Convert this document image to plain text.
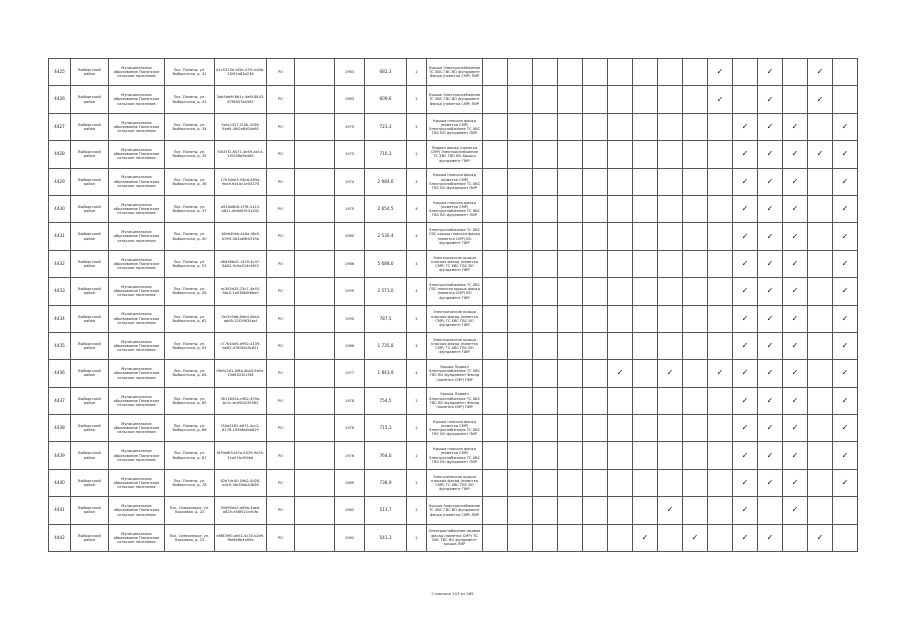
4425	Выборгский район	Муниципальное образование Полянское сельское поселение	Пос. Поляны, ул. Выборгская, д. 32	b1c5373e-4f2b-47f1-b04b-2f281a83d236	РО		1963	682,3	2	Крыша Электроснабжение ТС ХВС ГВС ВО фундамент Фасад (пометка СМР) ПИР										✓		✓		✓	
4426	Выборгский район	Муниципальное образование Полянское сельское поселение	Пос. Поляны, ул. Выборгская, д. 33	3ab5ab9f-6b1c-4a6f-8843-87f8657a4462	РО		1963	609,6	2	Крыша Электроснабжение ТС ХВС ГВС ВО фундамент Фасад (пометка СМР) ПИР										✓		✓		✓	
4427	Выборгский район	Муниципальное образование Полянское сельское поселение	Пос. Поляны, ул. Выборгская, д. 34	7abc1327-f20b-4196-9bd9-4fd2e8d04e60	РО		1975	723,3	2	Крыша плоская фасад (пометка СМР) Электроснабжение ТС ХВС ГВС ВО фундамент ПИР											✓	✓	✓		✓
4428	Выборгский район	Муниципальное образование Полянское сельское поселение	Пос. Поляны, ул. Выборгская, д. 35	f3d37f2-8471-4e49-ae14-1f5296d9b4d5	РО		1975	710,3	2	Подвал фасад (пометка СМР) Электроснабжение ТС ХВС ГВС ВО Крыша фундамент ПИР											✓	✓	✓	✓	✓
4429	Выборгский район	Муниципальное образование Полянское сельское поселение	Пос. Поляны, ул. Выборгская, д. 36	17b3d0e3-54bd-465a-9ba9-6e1bc1e03270	РО		1974	2 984,6	4	Крыша плоская фасад (пометка СМР) Электроснабжение ТС ХВС ГВС ВО фундамент ПИР											✓	✓	✓		✓
4430	Выборгский район	Муниципальное образование Полянское сельское поселение	Пос. Поляны, ул. Выборгская, д. 37	a920a6b6-1f76-4123-a821-ab6d09131d32	РО		1975	2 654,5	4	Крыша плоская фасад (пометка СМР) Электроснабжение ТС ХВС ГВС ВО фундамент ПИР											✓	✓	✓		✓
4431	Выборгский район	Муниципальное образование Полянское сельское поселение	Пос. Поляны, ул. Выборгская, д. 40	16eb40eb-a16a-4fb5-b399-0b2be6f4319a	РО		1980	2 530,4	4	Электроснабжение ТС ХВС ГВС крыша плоская фасад (пометка СМР) ВО фундамент ПИР											✓	✓	✓		✓
4432	Выборгский район	Муниципальное образование Полянское сельское поселение	Пос. Поляны, ул. Выборгская, д. 53	a6d38bd2-1429-4c37-8b02-5c5e424e5f03	РО		1986	5 688,0	4	Электрические крыша плоская фасад (пометка СМР) ТС ХВС ГВС ВО фундамент ПИР											✓	✓	✓		✓
4433	Выборгский район	Муниципальное образование Полянское сельское поселение	Пос. Поляны, ул. Выборгская, д. 58	ac305d25-23c7-4a93-9bc5-1e536b0f6ba9	РО		1959	2 571,0	4	Электроснабжение ТС ХВС ГВС плоская крыша фасад (пометка СМР) ВО фундамент ПИР											✓	✓	✓		✓
4434	Выборгский район	Муниципальное образование Полянское сельское поселение	Пос. Поляны, ул. Выборгская, д. 62	7ac5c9a8-8dbd-46a4-add5-52f2f6f34acf	РО		1990	787,5	2	Электрические крыша плоская фасад (пометка СМР) ТС ХВС ГВС ВО фундамент ПИР											✓	✓	✓		✓
4435	Выборгский район	Муниципальное образование Полянское сельское поселение	Пос. Поляны, ул. Выборгская, д. 63	c77b34e5-d992-4139-be62-d76f40a9cd21	РО		1986	1 735,8	4	Электрические крыша плоская фасад (пометка СМР) ТС ХВС ГВС ВО фундамент ПИР											✓	✓	✓		✓
4436	Выборгский район	Муниципальное образование Полянское сельское поселение	Пос. Поляны, ул. Выборгская, д. 84	f9b9c2d1-0f6a-4ba4-9e5e-25d6523c2f36	РО		1977	1 843,9	4	Крыша Подвал Электроснабжение ТС ХВС ГВС ВО фундамент Фасад (пометка СМР) ПИР						✓		✓		✓	✓	✓	✓		✓
4437	Выборгский район	Муниципальное образование Полянское сельское поселение	Пос. Поляны, ул. Выборгская, д. 85	3b11845e-c982-499a-bc1c-acd5fa235982	РО		1978	754,5	2	Крыша Подвал Электроснабжение ТС ХВС ГВС ВО фундамент Фасад (пометка СМР) ПИР											✓	✓	✓		✓
4438	Выборгский район	Муниципальное образование Полянское сельское поселение	Пос. Поляны, ул. Выборгская, д. 86	f30a5181-e671-4cc2-8178-159bfe4be829	РО		1976	715,3	2	Крыша плоская фасад (пометка СМР) Электроснабжение ТС ХВС ГВС ВО фундамент ПИР											✓	✓	✓		✓
4439	Выборгский район	Муниципальное образование Полянское сельское поселение	Пос. Поляны, ул. Выборгская, д. 87	9f39e8f0-fa7a-4029-9d35-1ca07bc5f4bd	РО		1976	764,6	2	Крыша плоская фасад (пометка СМР) Электроснабжение ТС ХВС ГВС ВО фундамент ПИР											✓	✓	✓		✓
4440	Выборгский район	Муниципальное образование Полянское сельское поселение	Пос. Поляны, ул. Выборгская, д. 78	82e7dc40-09b2-4d28-b4c9-3fe39ab2d658	РО		1989	738,9	2	Электрические крыша плоская фасад (пометка СМР) ТС ХВС ГВС ВО фундамент ПИР											✓	✓	✓		✓
4441	Выборгский район	Муниципальное образование Полянское сельское поселение	Пос. Семиозерье, ул. Парковая, д. 22	40d95ed2-a69a-4aea-a825-e56f521ce0fa	РО		1962	513,7	2	Крыша Электроснабжение ТС ХВС ГВС ВО фундамент Фасад (пометка СМР) ПИР								✓			✓		✓		
4442	Выборгский район	Муниципальное образование Полянское сельское поселение	Пос. Семиозерье, ул. Парковая, д. 23	e8f839f0-ae51-4c35-b2e9-f6e6e8b4a99a	РО		1962	541,3	2	Электроснабжение подвал фасад (пометка СМР) ТС ХВС ГВС ВО фундамент крыша ПИР							✓		✓		✓	✓		✓	
Страница 243 из 289
